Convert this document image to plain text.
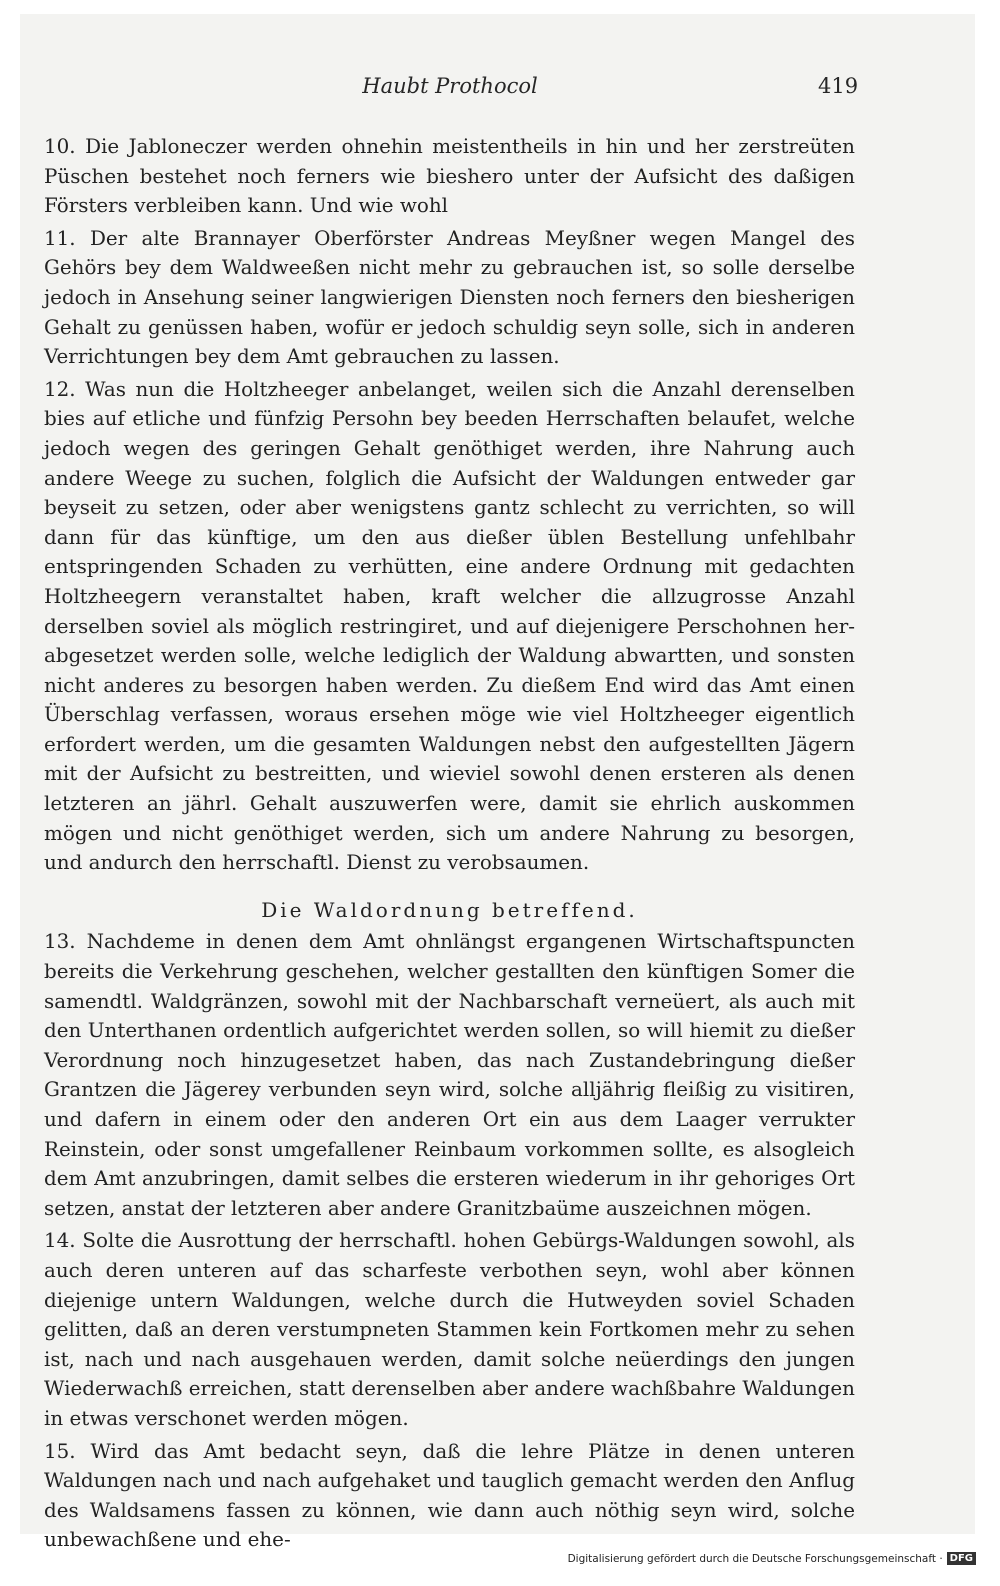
Haubt Prothocol	419

10. Die Jabloneczer werden ohnehin meistentheils in hin und her zerstreüten Püschen bestehet noch ferners wie bieshero unter der Aufsicht des daßigen Försters verbleiben kann. Und wie wohl

11. Der alte Brannayer Oberförster Andreas Meyßner wegen Mangel des Gehörs bey dem Waldweeßen nicht mehr zu gebrauchen ist, so solle derselbe jedoch in Ansehung seiner langwierigen Diensten noch ferners den biesherigen Gehalt zu genüssen haben, wofür er jedoch schuldig seyn solle, sich in anderen Verrichtungen bey dem Amt gebrauchen zu lassen.

12. Was nun die Holtzheeger anbelanget, weilen sich die Anzahl derenselben bies auf etliche und fünfzig Persohn bey beeden Herrschaften belaufet, welche jedoch wegen des geringen Gehalt genöthiget werden, ihre Nahrung auch andere Weege zu suchen, folglich die Aufsicht der Waldungen entweder gar beyseit zu setzen, oder aber wenigstens gantz schlecht zu verrichten, so will dann für das künftige, um den aus dießer üblen Bestellung unfehlbahr entspringenden Schaden zu verhütten, eine andere Ordnung mit gedachten Holtzheegern veranstaltet haben, kraft welcher die allzugrosse Anzahl derselben soviel als möglich restringiret, und auf diejenigere Perschohnen herabgesetzet werden solle, welche lediglich der Waldung abwartten, und sonsten nicht anderes zu besorgen haben werden. Zu dießem End wird das Amt einen Überschlag verfassen, woraus ersehen möge wie viel Holtzheeger eigentlich erfordert werden, um die gesamten Waldungen nebst den aufgestellten Jägern mit der Aufsicht zu bestreitten, und wieviel sowohl denen ersteren als denen letzteren an jährl. Gehalt auszuwerfen were, damit sie ehrlich auskommen mögen und nicht genöthiget werden, sich um andere Nahrung zu besorgen, und andurch den herrschaftl. Dienst zu verobsaumen.

Die Waldordnung betreffend.

13. Nachdeme in denen dem Amt ohnlängst ergangenen Wirtschaftspuncten bereits die Verkehrung geschehen, welcher gestallten den künftigen Somer die samendtl. Waldgränzen, sowohl mit der Nachbarschaft verneüert, als auch mit den Unterthanen ordentlich aufgerichtet werden sollen, so will hiemit zu dießer Verordnung noch hinzugesetzet haben, das nach Zustandebringung dießer Grantzen die Jägerey verbunden seyn wird, solche alljährig fleißig zu visitiren, und dafern in einem oder den anderen Ort ein aus dem Laager verrukter Reinstein, oder sonst umgefallener Reinbaum vorkommen sollte, es alsogleich dem Amt anzubringen, damit selbes die ersteren wiederum in ihr gehoriges Ort setzen, anstat der letzteren aber andere Granitzbaüme auszeichnen mögen.

14. Solte die Ausrottung der herrschaftl. hohen Gebürgs-Waldungen sowohl, als auch deren unteren auf das scharfeste verbothen seyn, wohl aber können diejenige untern Waldungen, welche durch die Hutweyden soviel Schaden gelitten, daß an deren verstumpneten Stammen kein Fortkomen mehr zu sehen ist, nach und nach ausgehauen werden, damit solche neüerdings den jungen Wiederwachß erreichen, statt derenselben aber andere wachßbahre Waldungen in etwas verschonet werden mögen.

15. Wird das Amt bedacht seyn, daß die lehre Plätze in denen unteren Waldungen nach und nach aufgehaket und tauglich gemacht werden den Anflug des Waldsamens fassen zu können, wie dann auch nöthig seyn wird, solche unbewachßene und ehe-

Digitalisierung gefördert durch die Deutsche Forschungsgemeinschaft · DFG
